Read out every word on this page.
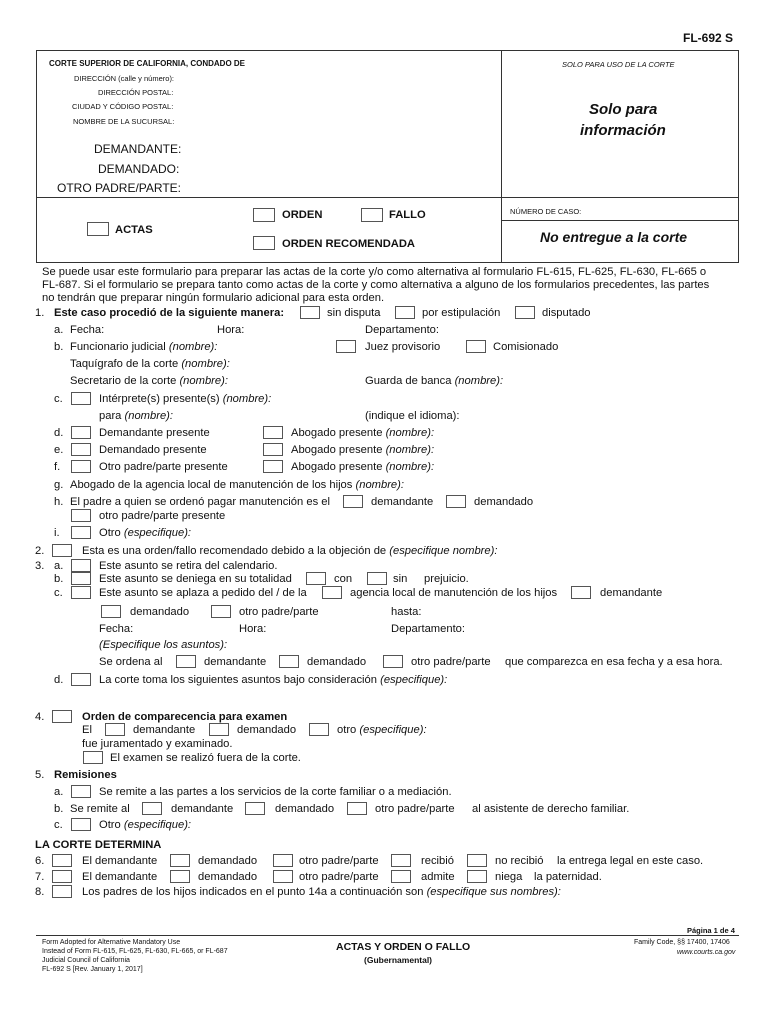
FL-692 S
CORTE SUPERIOR DE CALIFORNIA, CONDADO DE	SOLO PARA USO DE LA CORTE
DIRECCIÓN (calle y número):
DIRECCIÓN POSTAL:
CIUDAD Y CÓDIGO POSTAL:
NOMBRE DE LA SUCURSAL:
Solo para
información
DEMANDANTE:
DEMANDADO:
OTRO PADRE/PARTE:
NÚMERO DE CASO:
No entregue a la corte
ACTAS
ORDEN	FALLO
ORDEN RECOMENDADA
Se puede usar este formulario para preparar las actas de la corte y/o como alternativa al formulario FL-615, FL-625, FL-630, FL-665 o
FL-687. Si el formulario se prepara tanto como actas de la corte y como alternativa a alguno de los formularios precedentes, las partes
no tendrán que preparar ningún formulario adicional para esta orden.
1. Este caso procedió de la siguiente manera:	sin disputa	por estipulación	disputado
a. Fecha:	Hora:	Departamento:
b. Funcionario judicial (nombre):	Juez provisorio	Comisionado
Taquígrafo de la corte (nombre):
Secretario de la corte (nombre):	Guarda de banca (nombre):
c.	Intérprete(s) presente(s) (nombre):
para (nombre):	(indique el idioma):
d.	Demandante presente	Abogado presente (nombre):
e.	Demandado presente	Abogado presente (nombre):
f.	Otro padre/parte presente	Abogado presente (nombre):
g. Abogado de la agencia local de manutención de los hijos (nombre):
h. El padre a quien se ordenó pagar manutención es el	demandante	demandado
otro padre/parte presente
i.	Otro (especifique):
2.	Esta es una orden/fallo recomendado debido a la objeción de (especifique nombre):
3. a.	Este asunto se retira del calendario.
b.	Este asunto se deniega en su totalidad	con	sin prejuicio.
c.	Este asunto se aplaza a pedido del / de la	agencia local de manutención de los hijos	demandante
demandado	otro padre/parte	hasta:
Fecha:	Hora:	Departamento:
(Especifique los asuntos):
Se ordena al	demandante	demandado	otro padre/parte que comparezca en esa fecha y a esa hora.
d.	La corte toma los siguientes asuntos bajo consideración (especifique):
4.	Orden de comparecencia para examen
El	demandante	demandado	otro (especifique):
fue juramentado y examinado.
El examen se realizó fuera de la corte.
5. Remisiones
a.	Se remite a las partes a los servicios de la corte familiar o a mediación.
b. Se remite al	demandante	demandado	otro padre/parte al asistente de derecho familiar.
c.	Otro (especifique):
LA CORTE DETERMINA
6.	El demandante	demandado	otro padre/parte	recibió	no recibió la entrega legal en este caso.
7.	El demandante	demandado	otro padre/parte	admite	niega la paternidad.
8.	Los padres de los hijos indicados en el punto 14a a continuación son (especifique sus nombres):
Página 1 de 4
Form Adopted for Alternative Mandatory Use
Instead of Form FL-615, FL-625, FL-630, FL-665, or FL-687
Judicial Council of California
FL-692 S [Rev. January 1, 2017]
ACTAS Y ORDEN O FALLO
(Gubernamental)
Family Code, §§ 17400, 17406
www.courts.ca.gov
